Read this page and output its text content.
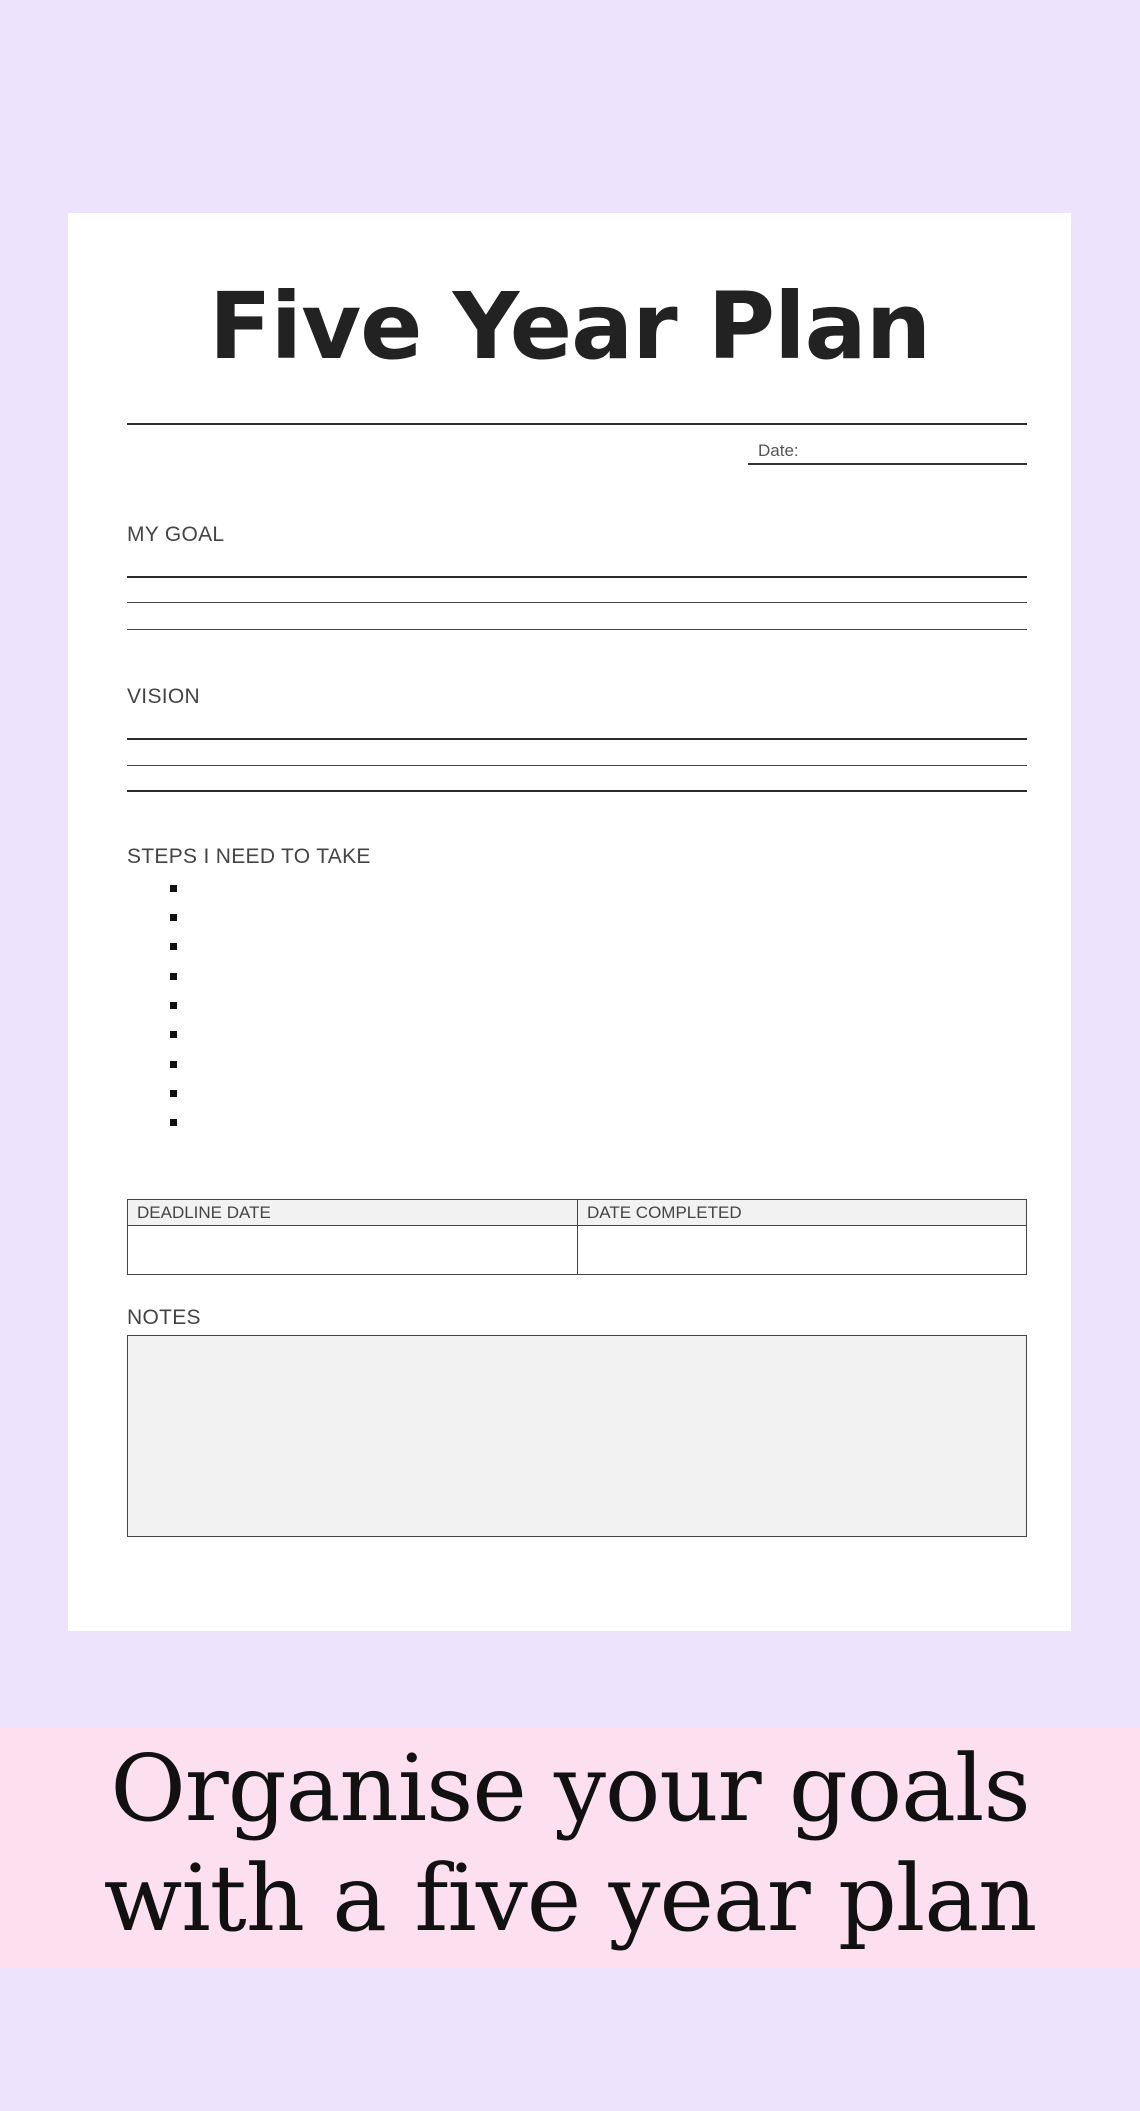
Five Year Plan
Date:
MY GOAL
VISION
STEPS I NEED TO TAKE
DEADLINE DATE	DATE COMPLETED
NOTES
Organise your goals
with a five year plan
